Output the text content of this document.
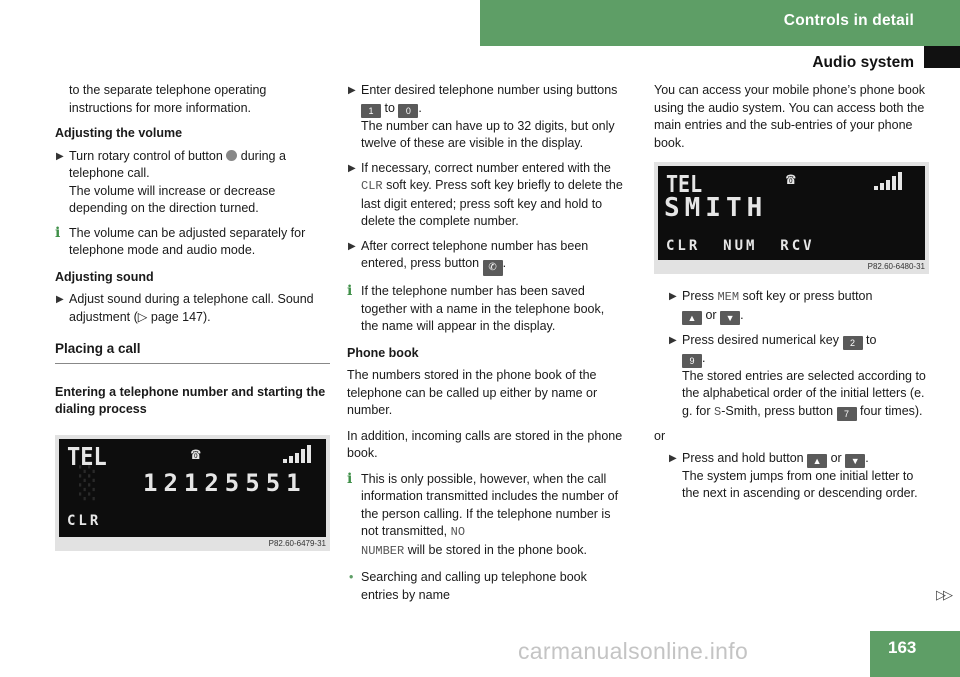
Controls in detail
Audio system

to the separate telephone operating instructions for more information.

Adjusting the volume
▶ Turn rotary control of button during a telephone call.
The volume will increase or decrease depending on the direction turned.
i The volume can be adjusted separately for telephone mode and audio mode.
Adjusting sound
▶ Adjust sound during a telephone call. Sound adjustment (▷ page 147).
Placing a call
Entering a telephone number and starting the dialing process
TEL	☎
░ 12125551
CLR
P82.60-6479-31
▶ Enter desired telephone number using buttons 1 to 0 .
The number can have up to 32 digits, but only twelve of these are visible in the display.
▶ If necessary, correct number entered with the CLR soft key. Press soft key briefly to delete the last digit entered; press soft key and hold to delete the complete number.
▶ After correct telephone number has been entered, press button ✆ .
i If the telephone number has been saved together with a name in the telephone book, the name will appear in the display.
Phone book

The numbers stored in the phone book of the telephone can be called up either by name or number.

In addition, incoming calls are stored in the phone book.

i This is only possible, however, when the call information transmitted includes the number of the person calling. If the telephone number is not transmitted, NO
NUMBER will be stored in the phone book.
• Searching and calling up telephone book entries by name

You can access your mobile phone’s phone book using the audio system. You can access both the main entries and the sub-entries of your phone book.

TEL	☎
SMITH
CLR  NUM  RCV
P82.60-6480-31
▶ Press MEM soft key or press button
▲ or ▼ .
▶ Press desired numerical key 2 to
9 .
The stored entries are selected according to the alphabetical order of the initial letters (e. g. for S-Smith, press button 7 four times).

or

▶ Press and hold button ▲ or ▼ .
The system jumps from one initial letter to the next in ascending or descending order.
▷▷
carmanualsonline.info	163
